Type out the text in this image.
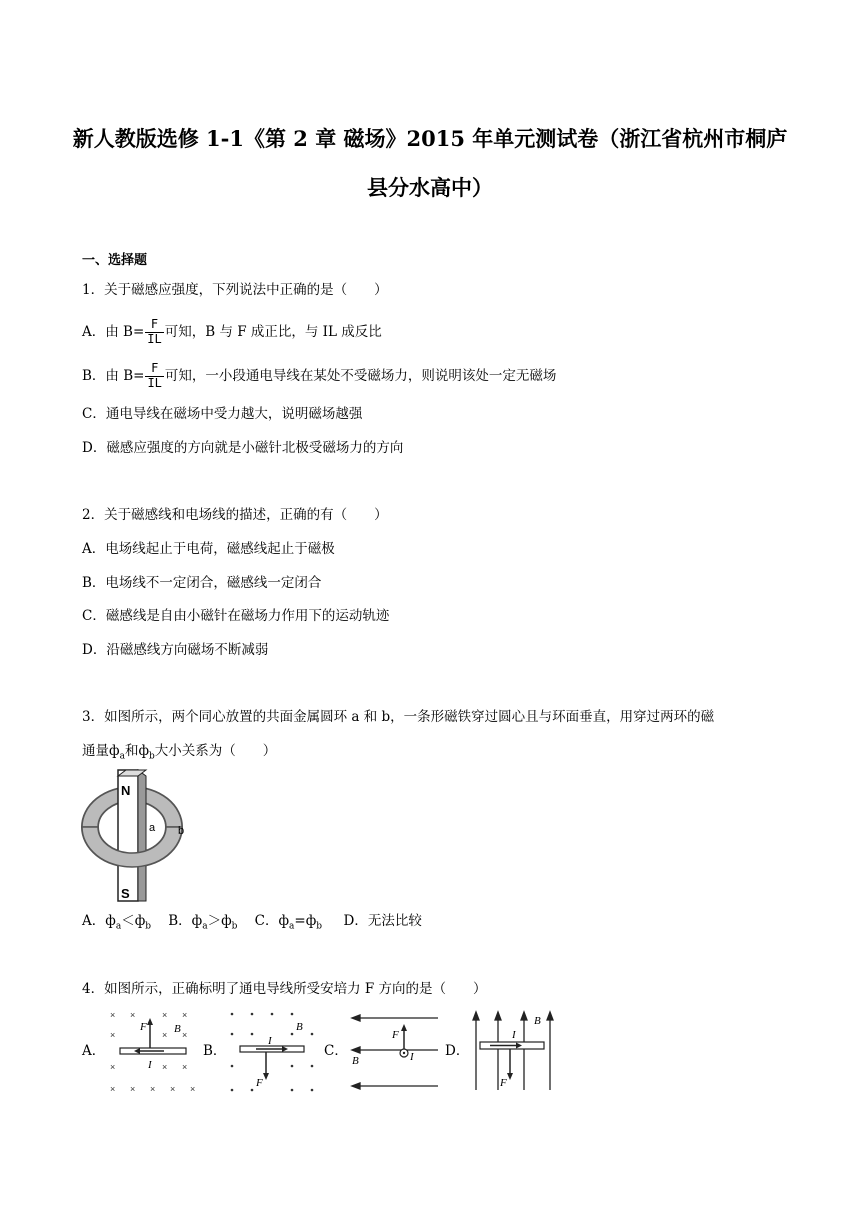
新人教版选修 1-1《第 2 章 磁场》2015 年单元测试卷（浙江省杭州市桐庐
县分水高中）
一、选择题
1．关于磁感应强度，下列说法中正确的是（　　）
A．由 $B= \frac{F}{IL}$ 可知，B 与 F 成正比，与 IL 成反比
B．由 $B= \frac{F}{IL}$ 可知，一小段通电导线在某处不受磁场力，则说明该处一定无磁场
C．通电导线在磁场中受力越大，说明磁场越强
D．磁感应强度的方向就是小磁针北极受磁场力的方向
2．关于磁感线和电场线的描述，正确的有（　　）
A．电场线起止于电荷，磁感线起止于磁极
B．电场线不一定闭合，磁感线一定闭合
C．磁感线是自由小磁针在磁场力作用下的运动轨迹
D．沿磁感线方向磁场不断减弱
3．如图所示，两个同心放置的共面金属圆环 a 和 b，一条形磁铁穿过圆心且与环面垂直，用穿过两环的磁
通量$ф_a$和$ф_b$大小关系为（　　）
N
S
a b
A．$ф_a<ф_b$ B．$ф_a>ф_b$ C．$ф_a=ф_b$ D．无法比较
4．如图所示，正确标明了通电导线所受安培力 F 方向的是（　　）
A．	B．	C．	D．
× ×	× ×
×	× ×
×	× ×
× × × × ×
F B
I
I
F
B
F
B	I
I
F
B
